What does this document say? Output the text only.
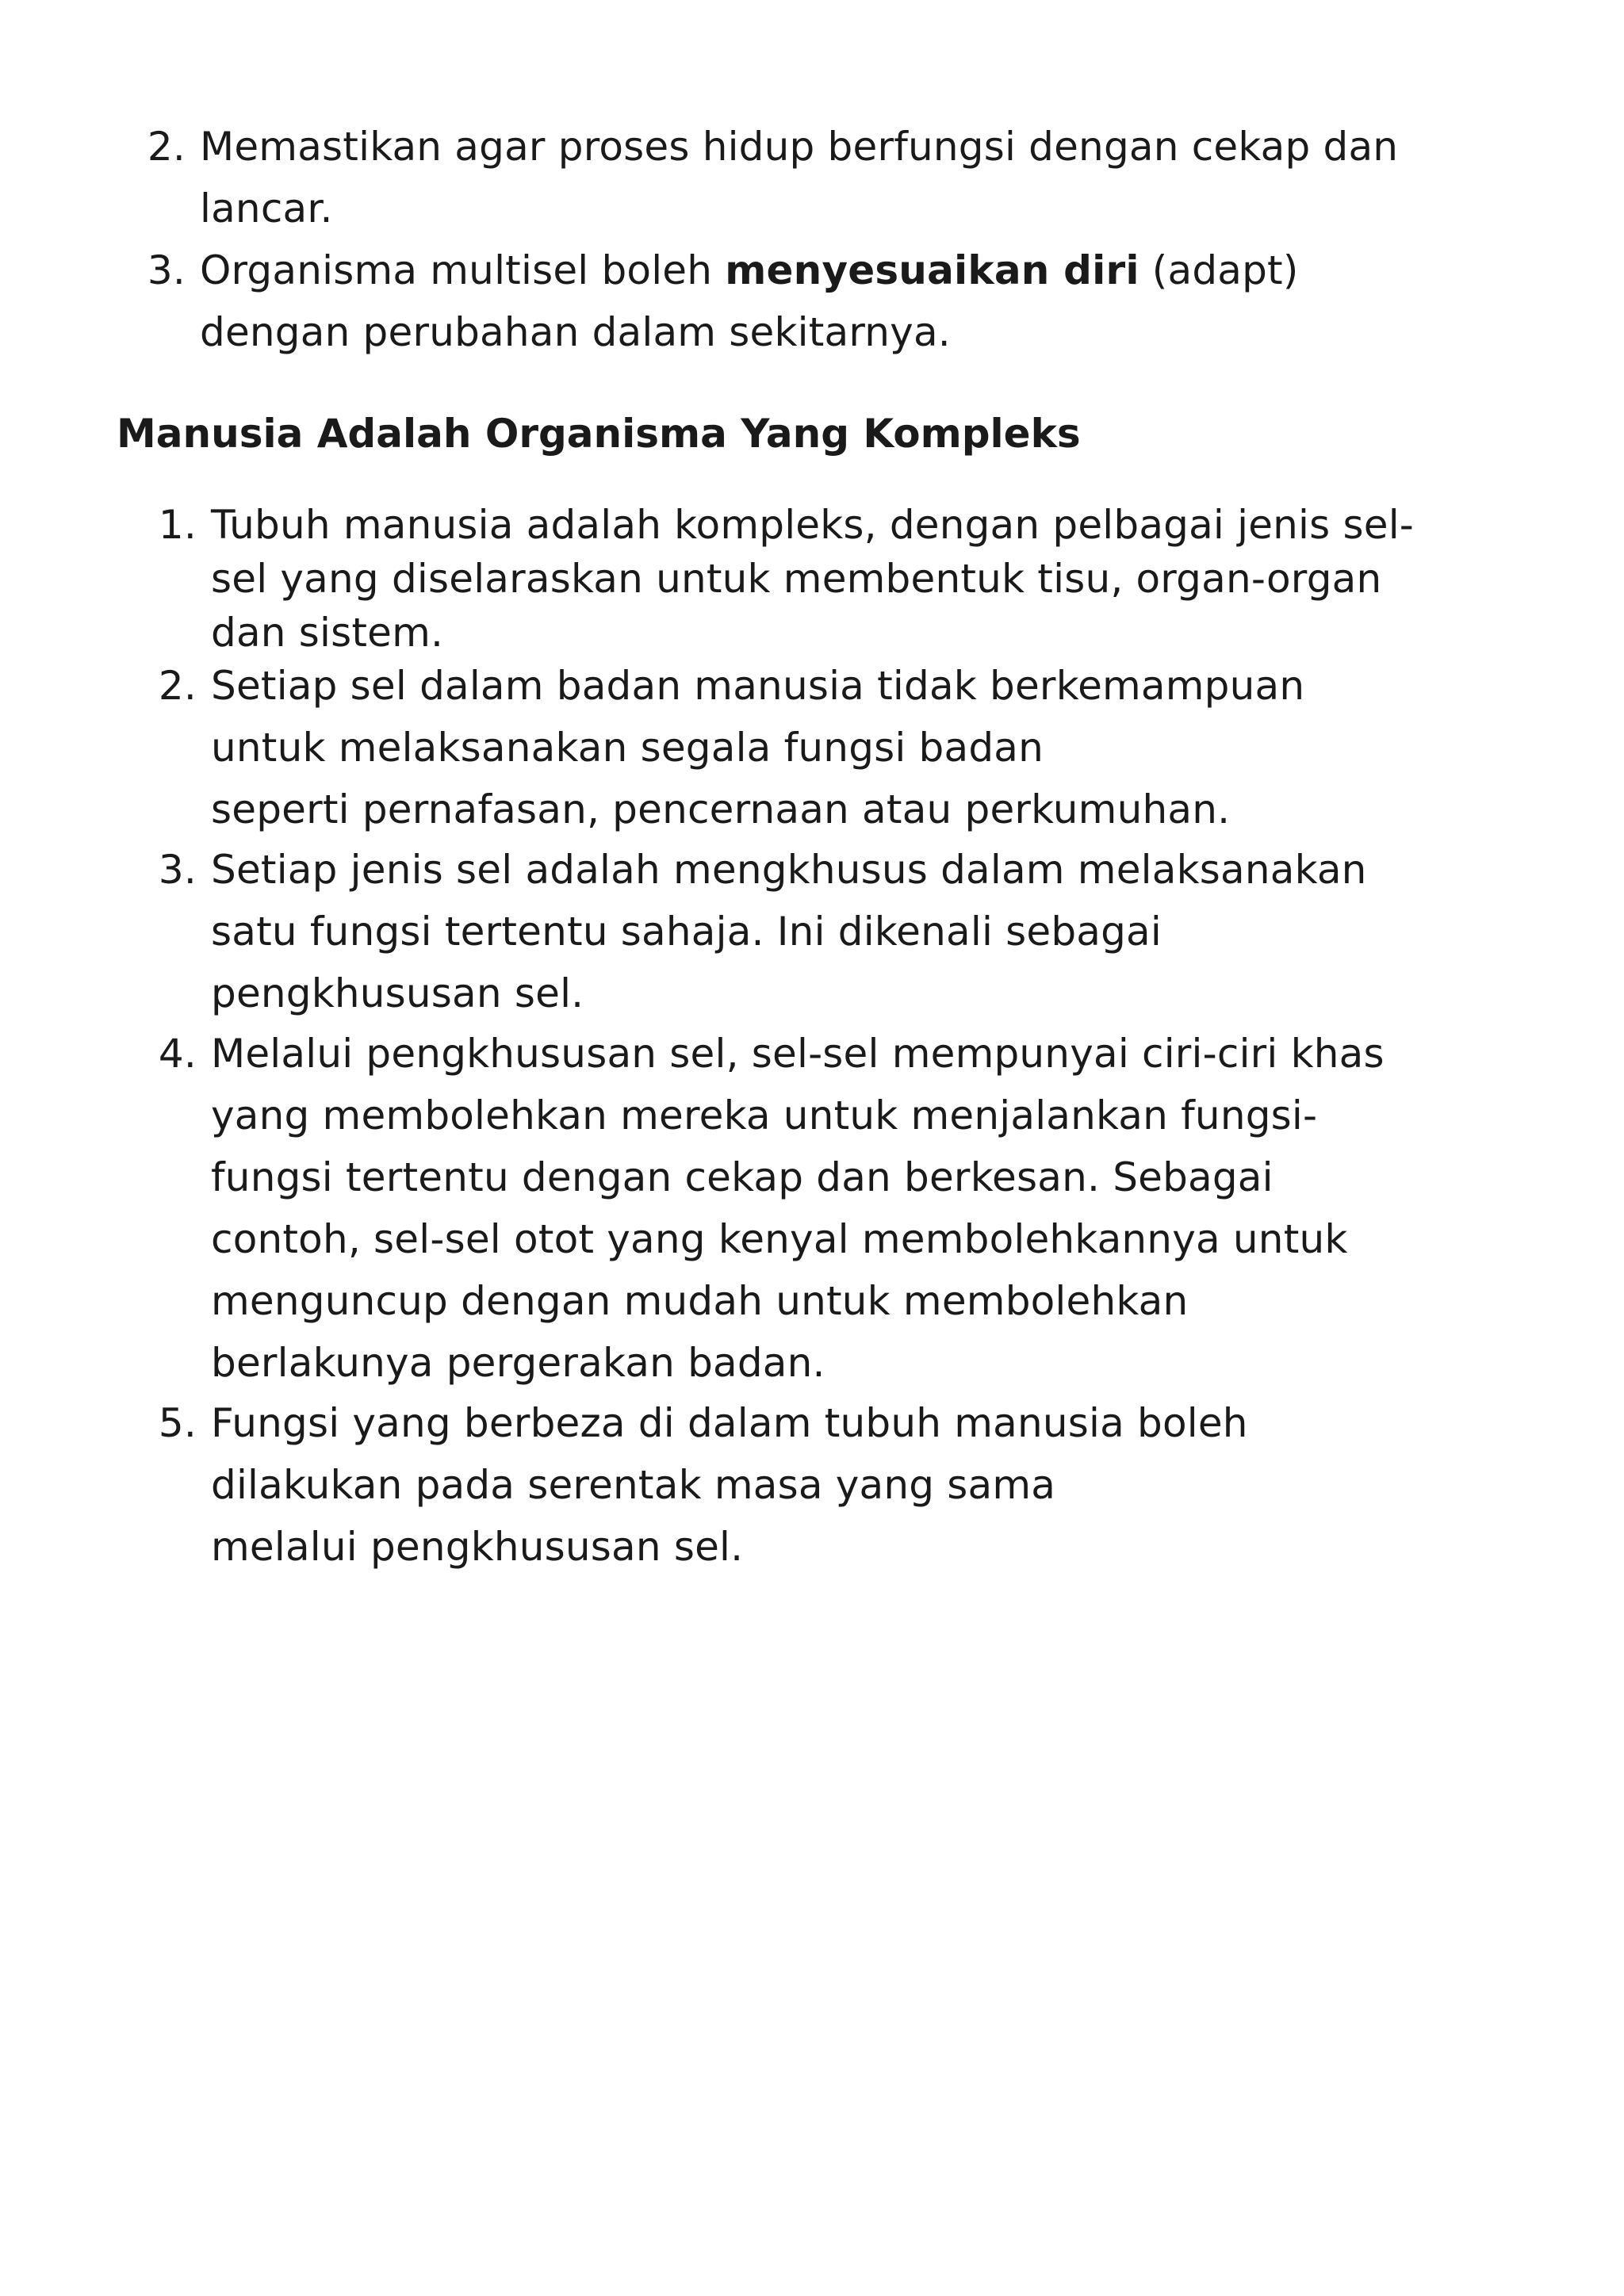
2. Memastikan agar proses hidup berfungsi dengan cekap dan
lancar.
3. Organisma multisel boleh menyesuaikan diri (adapt)
dengan perubahan dalam sekitarnya.
Manusia Adalah Organisma Yang Kompleks
1. Tubuh manusia adalah kompleks, dengan pelbagai jenis sel-
sel yang diselaraskan untuk membentuk tisu, organ-organ
dan sistem.
2. Setiap sel dalam badan manusia tidak berkemampuan
untuk melaksanakan segala fungsi badan
seperti pernafasan, pencernaan atau perkumuhan.
3. Setiap jenis sel adalah mengkhusus dalam melaksanakan
satu fungsi tertentu sahaja. Ini dikenali sebagai
pengkhususan sel.
4. Melalui pengkhususan sel, sel-sel mempunyai ciri-ciri khas
yang membolehkan mereka untuk menjalankan fungsi-
fungsi tertentu dengan cekap dan berkesan. Sebagai
contoh, sel-sel otot yang kenyal membolehkannya untuk
menguncup dengan mudah untuk membolehkan
berlakunya pergerakan badan.
5. Fungsi yang berbeza di dalam tubuh manusia boleh
dilakukan pada serentak masa yang sama
melalui pengkhususan sel.
